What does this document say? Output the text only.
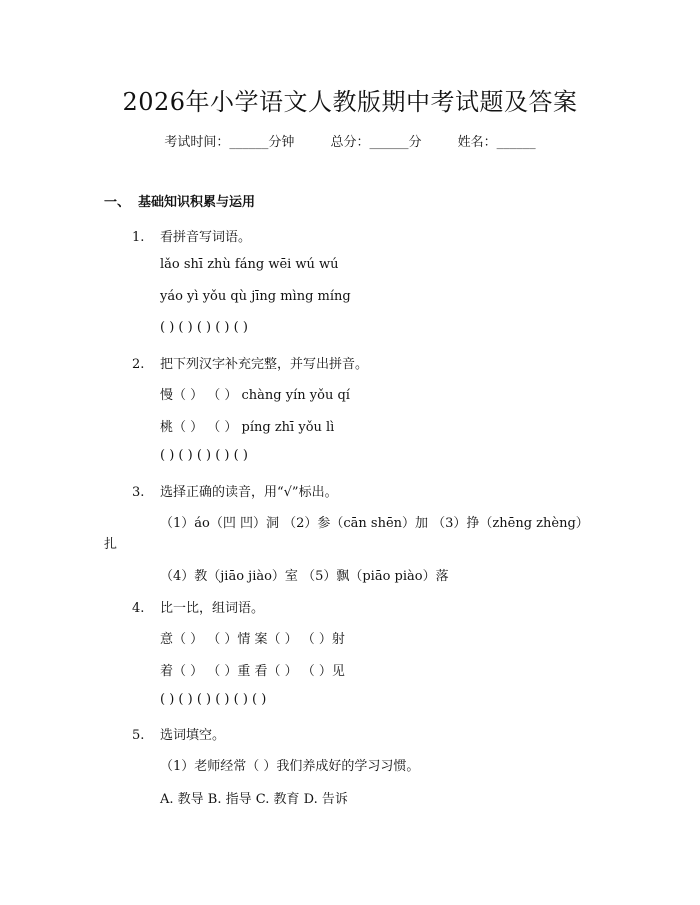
2026年小学语文人教版期中考试题及答案
考试时间：______分钟	总分：______分	姓名：______
一、 基础知识积累与运用
1. 看拼音写词语。
lǎo shī zhù fáng wēi wú wú
yáo yì yǒu qù jīng mìng míng
( ) ( ) ( ) ( ) ( )
2. 把下列汉字补充完整，并写出拼音。
慢（ ） （ ） chàng yín yǒu qí
桃（ ） （ ） píng zhī yǒu lì
( ) ( ) ( ) ( ) ( )
3. 选择正确的读音，用“√”标出。
（1）áo（凹 凹）洞 （2）参（cān shēn）加 （3）挣（zhēng zhèng）
扎
（4）教（jiāo jiào）室 （5）飘（piāo piào）落
4. 比一比，组词语。
意（ ） （ ）情 案（ ） （ ）射
着（ ） （ ）重 看（ ） （ ）见
( ) ( ) ( ) ( ) ( ) ( )
5. 选词填空。
（1）老师经常（ ）我们养成好的学习习惯。
A. 教导 B. 指导 C. 教育 D. 告诉
